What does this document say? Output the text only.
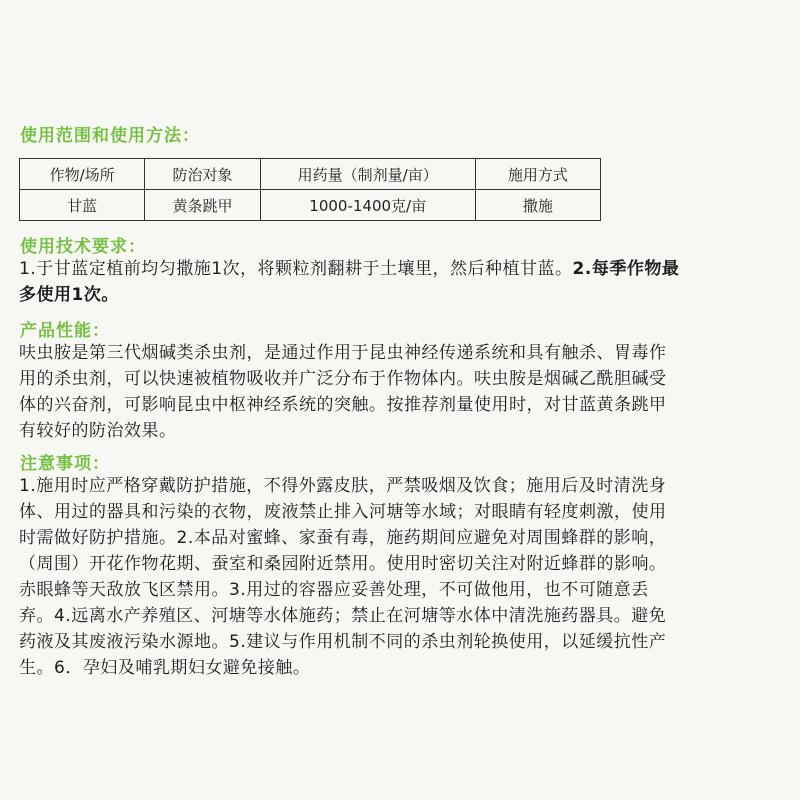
使用范围和使用方法：
作物/场所	防治对象	用药量（制剂量/亩）	施用方式
甘蓝	黄条跳甲	1000-1400克/亩	撒施
使用技术要求：
1.于甘蓝定植前均匀撒施1次，将颗粒剂翻耕于土壤里，然后种植甘蓝。2.每季作物最
多使用1次。
产品性能：
呋虫胺是第三代烟碱类杀虫剂，是通过作用于昆虫神经传递系统和具有触杀、胃毒作
用的杀虫剂，可以快速被植物吸收并广泛分布于作物体内。呋虫胺是烟碱乙酰胆碱受
体的兴奋剂，可影响昆虫中枢神经系统的突触。按推荐剂量使用时，对甘蓝黄条跳甲
有较好的防治效果。
注意事项：
1.施用时应严格穿戴防护措施，不得外露皮肤，严禁吸烟及饮食；施用后及时清洗身
体、用过的器具和污染的衣物，废液禁止排入河塘等水域；对眼睛有轻度刺激，使用
时需做好防护措施。2.本品对蜜蜂、家蚕有毒，施药期间应避免对周围蜂群的影响，
（周围）开花作物花期、蚕室和桑园附近禁用。使用时密切关注对附近蜂群的影响。
赤眼蜂等天敌放飞区禁用。3.用过的容器应妥善处理，不可做他用，也不可随意丢
弃。4.远离水产养殖区、河塘等水体施药；禁止在河塘等水体中清洗施药器具。避免
药液及其废液污染水源地。5.建议与作用机制不同的杀虫剂轮换使用，以延缓抗性产
生。6．孕妇及哺乳期妇女避免接触。
